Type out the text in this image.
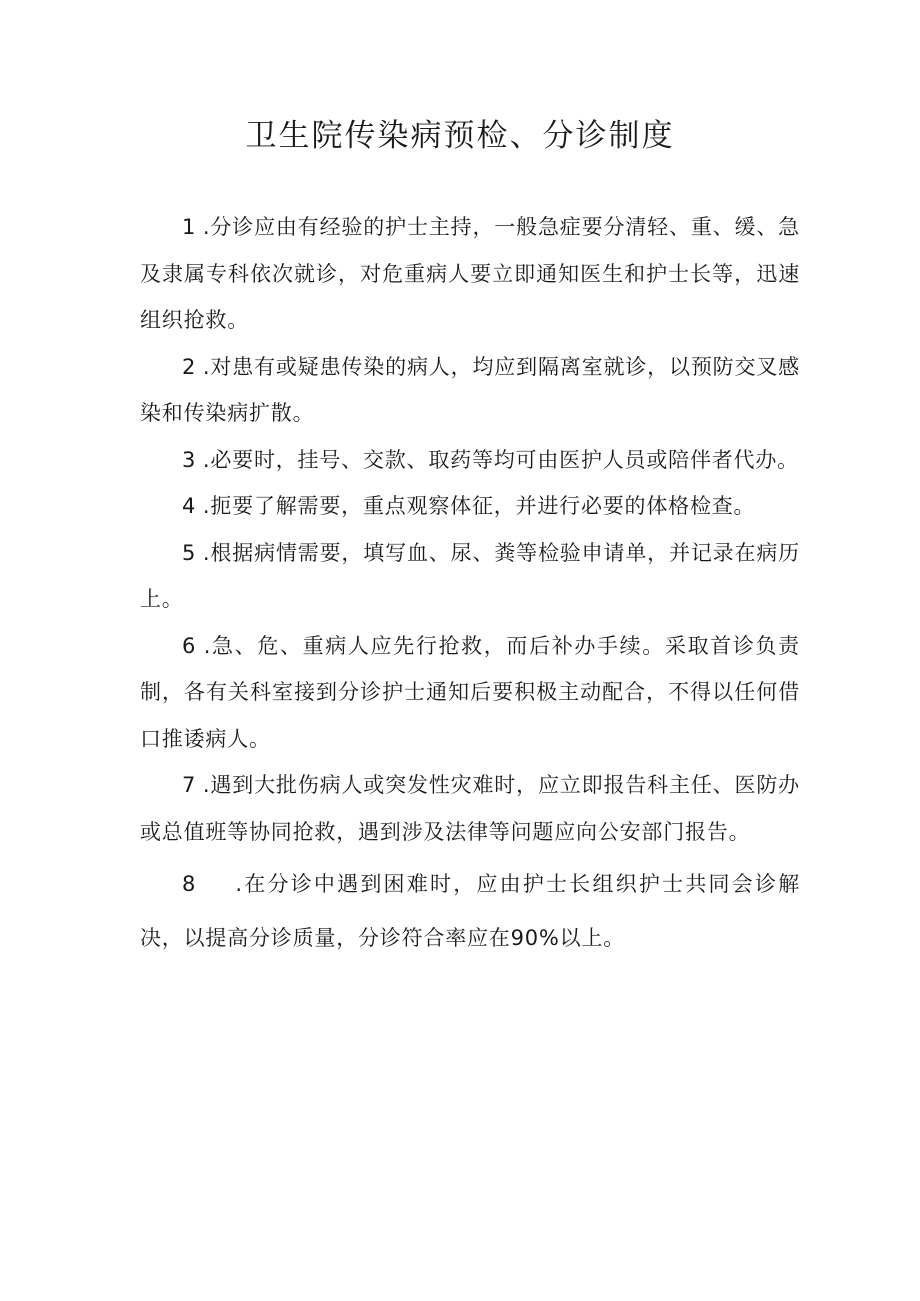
卫生院传染病预检、分诊制度

1 .分诊应由有经验的护士主持，一般急症要分清轻、重、缓、急及隶属专科依次就诊，对危重病人要立即通知医生和护士长等，迅速组织抢救。

2 .对患有或疑患传染的病人，均应到隔离室就诊，以预防交叉感染和传染病扩散。

3 .必要时，挂号、交款、取药等均可由医护人员或陪伴者代办。

4 .扼要了解需要，重点观察体征，并进行必要的体格检查。

5 .根据病情需要，填写血、尿、粪等检验申请单，并记录在病历上。

6 .急、危、重病人应先行抢救，而后补办手续。采取首诊负责制，各有关科室接到分诊护士通知后要积极主动配合，不得以任何借口推诿病人。

7 .遇到大批伤病人或突发性灾难时，应立即报告科主任、医防办或总值班等协同抢救，遇到涉及法律等问题应向公安部门报告。

8 .在分诊中遇到困难时，应由护士长组织护士共同会诊解决，以提高分诊质量，分诊符合率应在90%以上。
